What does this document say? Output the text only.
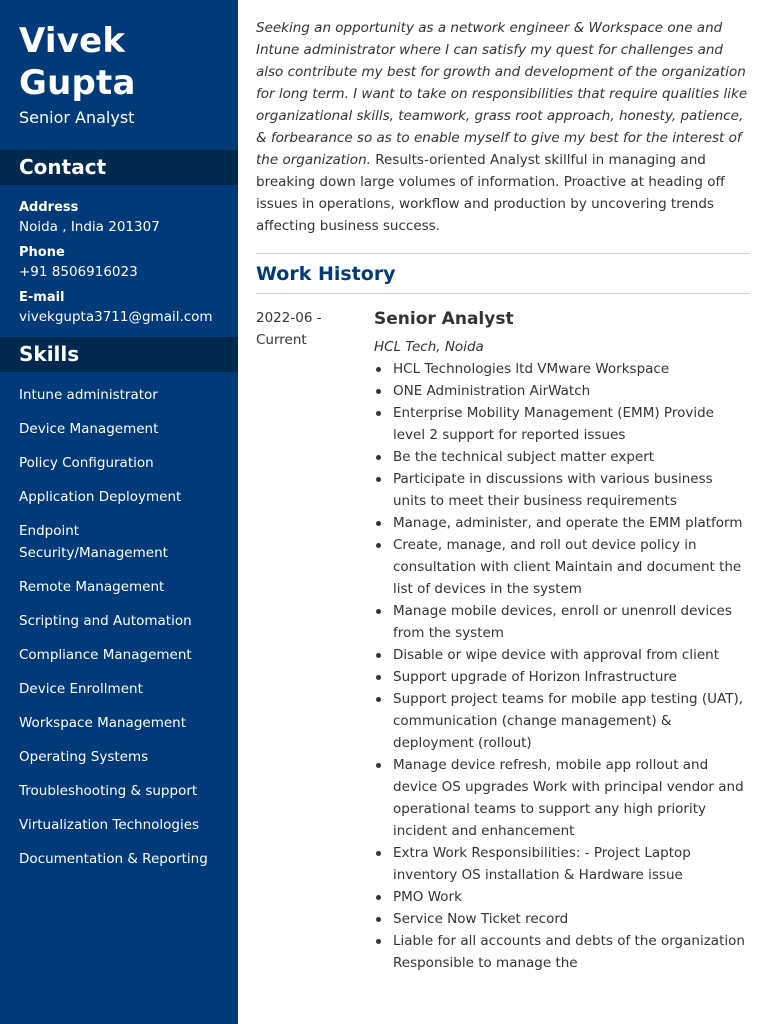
Vivek
Gupta
Senior Analyst
Contact
Address
Noida , India 201307
Phone
+91 8506916023
E-mail
vivekgupta3711@gmail.com
Skills
Intune administrator
Device Management
Policy Configuration
Application Deployment
Endpoint Security/Management
Remote Management
Scripting and Automation
Compliance Management
Device Enrollment
Workspace Management
Operating Systems
Troubleshooting & support
Virtualization Technologies
Documentation & Reporting

Seeking an opportunity as a network engineer & Workspace one and Intune administrator where I can satisfy my quest for challenges and also contribute my best for growth and development of the organization for long term. I want to take on responsibilities that require qualities like organizational skills, teamwork, grass root approach, honesty, patience, & forbearance so as to enable myself to give my best for the interest of the organization. Results-oriented Analyst skillful in managing and breaking down large volumes of information. Proactive at heading off issues in operations, workflow and production by uncovering trends affecting business success.

Work History
2022-06 - Current
Senior Analyst
HCL Tech, Noida
HCL Technologies ltd VMware Workspace
ONE Administration AirWatch
Enterprise Mobility Management (EMM) Provide level 2 support for reported issues
Be the technical subject matter expert
Participate in discussions with various business units to meet their business requirements
Manage, administer, and operate the EMM platform
Create, manage, and roll out device policy in consultation with client Maintain and document the list of devices in the system
Manage mobile devices, enroll or unenroll devices from the system
Disable or wipe device with approval from client
Support upgrade of Horizon Infrastructure
Support project teams for mobile app testing (UAT), communication (change management) & deployment (rollout)
Manage device refresh, mobile app rollout and device OS upgrades Work with principal vendor and operational teams to support any high priority incident and enhancement
Extra Work Responsibilities: - Project Laptop inventory OS installation & Hardware issue
PMO Work
Service Now Ticket record
Liable for all accounts and debts of the organization Responsible to manage the
